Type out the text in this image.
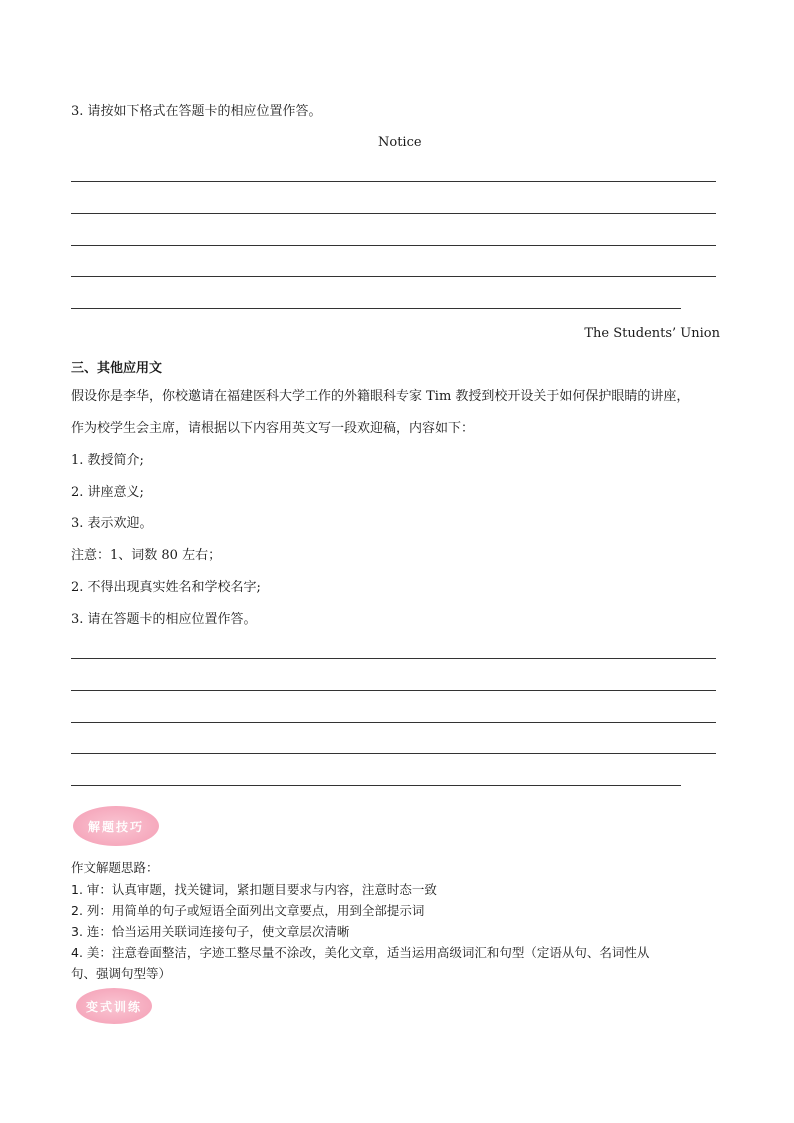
3. 请按如下格式在答题卡的相应位置作答。
Notice
The Students’ Union
三、其他应用文
假设你是李华，你校邀请在福建医科大学工作的外籍眼科专家 Tim 教授到校开设关于如何保护眼睛的讲座，
作为校学生会主席，请根据以下内容用英文写一段欢迎稿，内容如下：
1. 教授简介;
2. 讲座意义;
3. 表示欢迎。
注意：1、词数 80 左右；
2. 不得出现真实姓名和学校名字;
3. 请在答题卡的相应位置作答。
解题技巧
作文解题思路：
1. 审：认真审题，找关键词，紧扣题目要求与内容，注意时态一致
2. 列：用简单的句子或短语全面列出文章要点，用到全部提示词
3. 连：恰当运用关联词连接句子，使文章层次清晰
4. 美：注意卷面整洁，字迹工整尽量不涂改，美化文章，适当运用高级词汇和句型（定语从句、名词性从
句、强调句型等）
变式训练
